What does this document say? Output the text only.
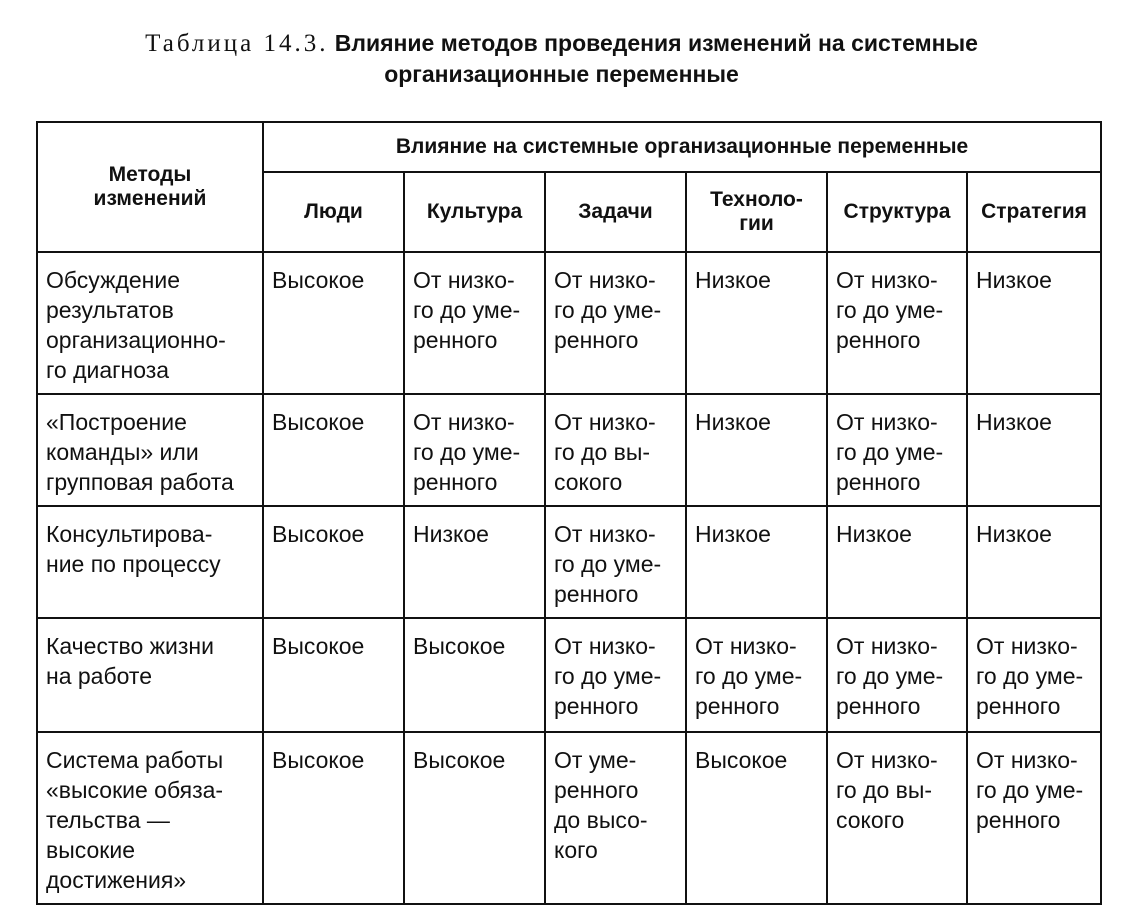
Таблица 14.3. Влияние методов проведения изменений на системные
организационные переменные
Методы
изменений	Влияние на системные организационные переменные					
	Люди	Культура	Задачи	Техноло-
гии	Структура	Стратегия

Обсуждение
результатов
организационно-
го диагноза	Высокое	От низко-
го до уме-
ренного	От низко-
го до уме-
ренного	Низкое	От низко-
го до уме-
ренного	Низкое

«Построение
команды» или
групповая работа	Высокое	От низко-
го до уме-
ренного	От низко-
го до вы-
сокого	Низкое	От низко-
го до уме-
ренного	Низкое

Консультирова-
ние по процессу	Высокое	Низкое	От низко-
го до уме-
ренного	Низкое	Низкое	Низкое

Качество жизни
на работе	Высокое	Высокое	От низко-
го до уме-
ренного	От низко-
го до уме-
ренного	От низко-
го до уме-
ренного	От низко-
го до уме-
ренного

Система работы
«высокие обяза-
тельства —
высокие
достижения»	Высокое	Высокое	От уме-
ренного
до высо-
кого	Высокое	От низко-
го до вы-
сокого	От низко-
го до уме-
ренного
